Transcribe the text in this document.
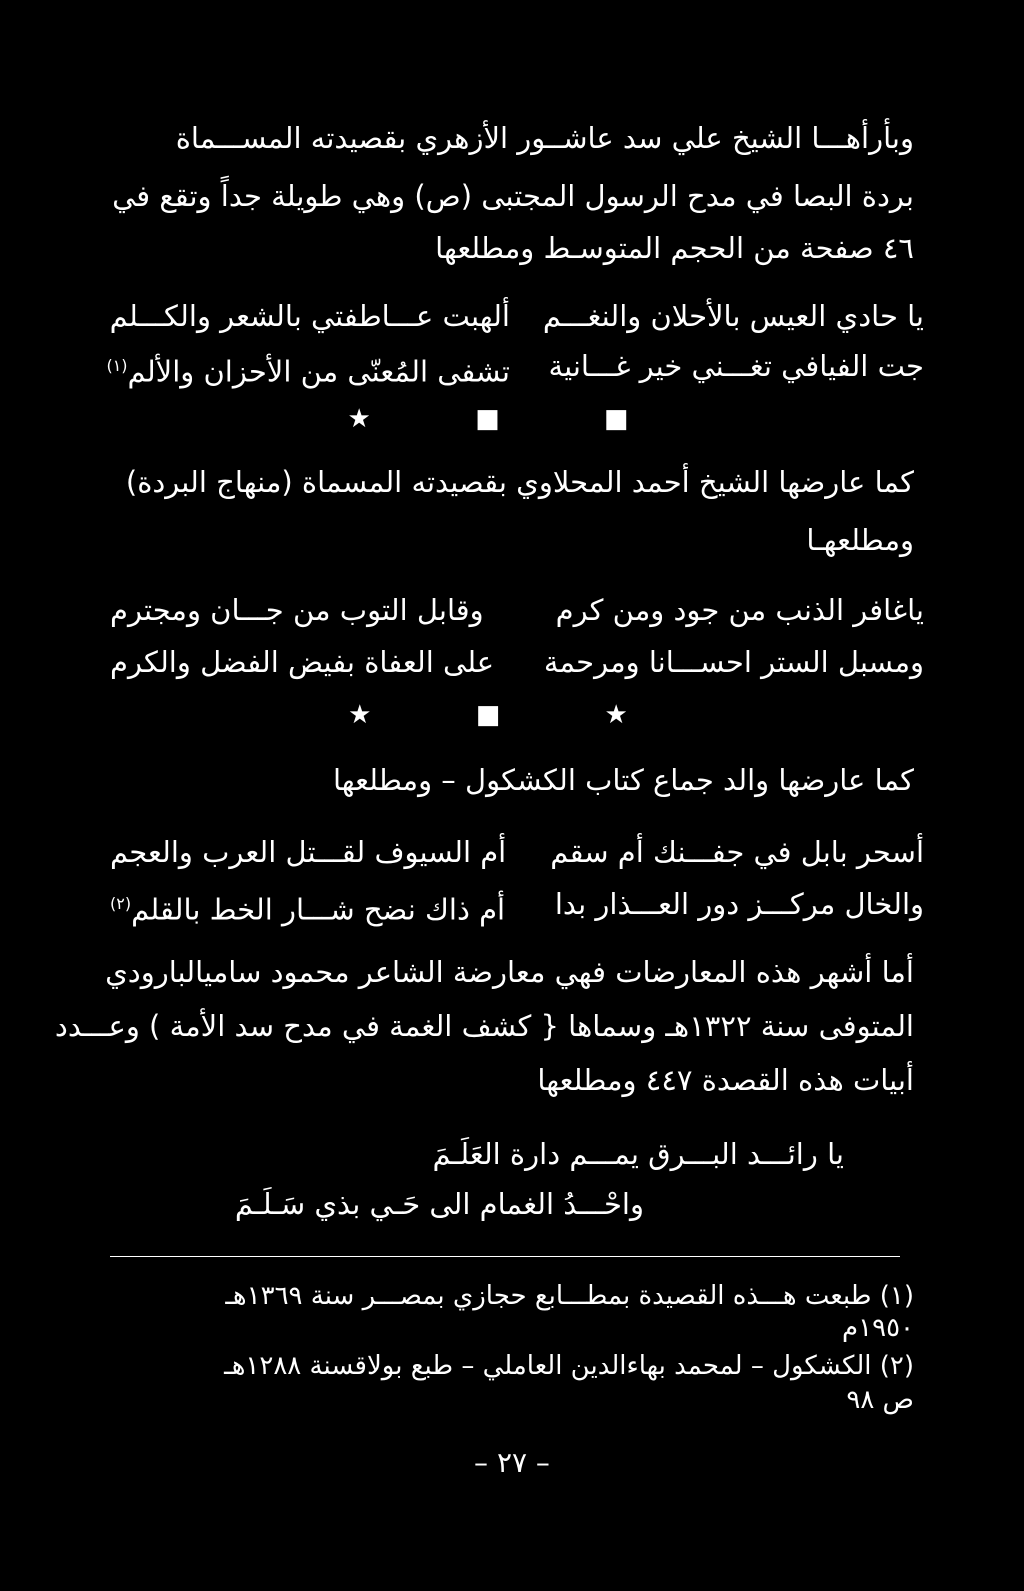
وبأرأهـــا الشيخ علي سد عاشــور الأزهري بقصيدته المســـماة
بردة البصا في مدح الرسول المجتبى (ص) وهي طويلة جداً وتقع في
٤٦ صفحة من الحجم المتوسـط ومطلعها
يا حادي العيس بالأحلان والنغـــم
ألهبت عـــاطفتي بالشعر والكـــلم
جت الفيافي تغـــني خير غـــانية
تشفى المُعنّى من الأحزان والألم$^{(١)}$
★ ■ ■
كما عارضها الشيخ أحمد المحلاوي بقصيدته المسماة (منهاج البردة)
ومطلعهـا
ياغافر الذنب من جود ومن كرم
وقابل التوب من جـــان ومجترم
ومسبل الستر احســـانا ومرحمة
على العفاة بفيض الفضل والكرم
★ ■ ★
كما عارضها والد جماع كتاب الكشكول – ومطلعها
أسحر بابل في جفـــنك أم سقم
أم السيوف لقـــتل العرب والعجم
والخال مركـــز دور العـــذار بدا
أم ذاك نضح شـــار الخط بالقلم$^{(٢)}$
أما أشهر هذه المعارضات فهي معارضة الشاعر محمود ساميالبارودي
المتوفى سنة ١٣٢٢هـ وسماها { كشف الغمة في مدح سد الأمة ) وعـــدد
أبيات هذه القصدة ٤٤٧ ومطلعها
يا رائـــد البـــرق يمـــم دارة العَلَـمَ
واحْـــدُ الغمام الى حَـي بذي سَـلَـمَ
(١) طبعت هـــذه القصيدة بمطـــابع حجازي بمصـــر سنة ١٣٦٩هـ
١٩٥٠م
(٢) الكشكول – لمحمد بهاءالدين العاملي – طبع بولاقسنة ١٢٨٨هـ
ص ٩٨
– ٢٧ –
